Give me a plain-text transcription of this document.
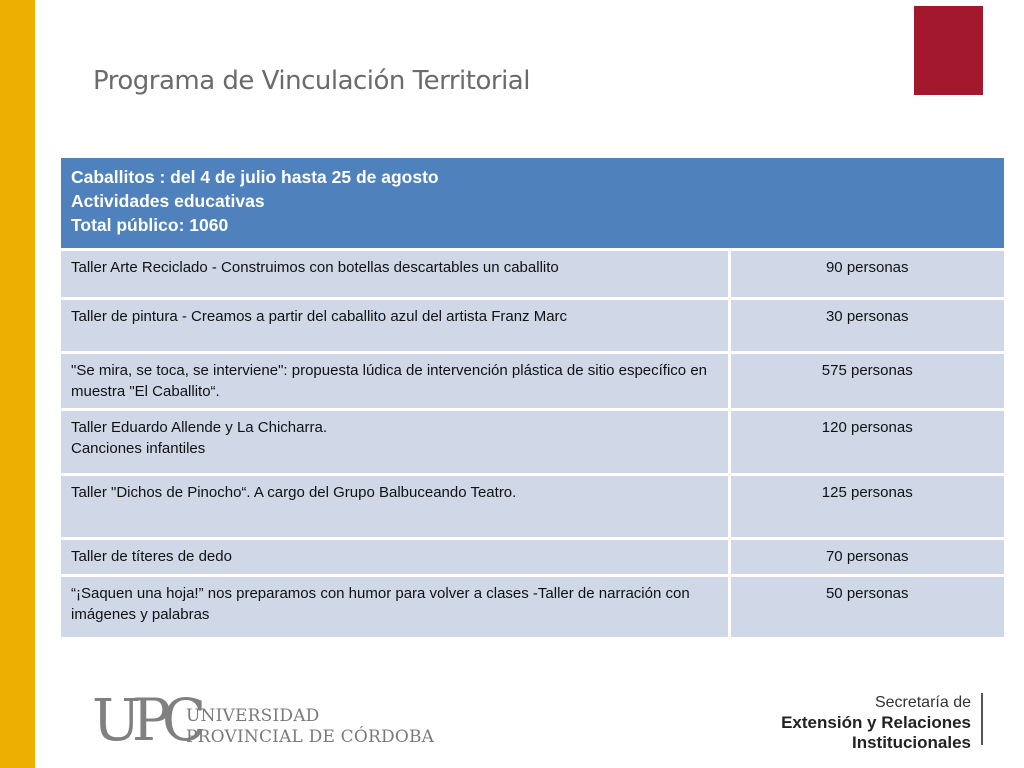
Programa de Vinculación Territorial
Caballitos : del 4 de julio hasta 25 de agosto
Actividades educativas
Total público: 1060	

Taller Arte Reciclado - Construimos con botellas descartables un caballito	90 personas
Taller de pintura - Creamos a partir del caballito azul del artista Franz Marc	30 personas
"Se mira, se toca, se interviene": propuesta lúdica de intervención plástica de sitio específico en muestra "El Caballito“.	575 personas

Taller Eduardo Allende y La Chicharra.
Canciones infantiles	120 personas
Taller "Dichos de Pinocho“. A cargo del Grupo Balbuceando Teatro.	125 personas
Taller de títeres de dedo	70 personas
“¡Saquen una hoja!” nos preparamos con humor para volver a clases -Taller de narración con imágenes y palabras	50 personas
UPC
UNIVERSIDAD
PROVINCIAL DE CÓRDOBA
Secretaría de
Extensión y Relaciones
Institucionales
